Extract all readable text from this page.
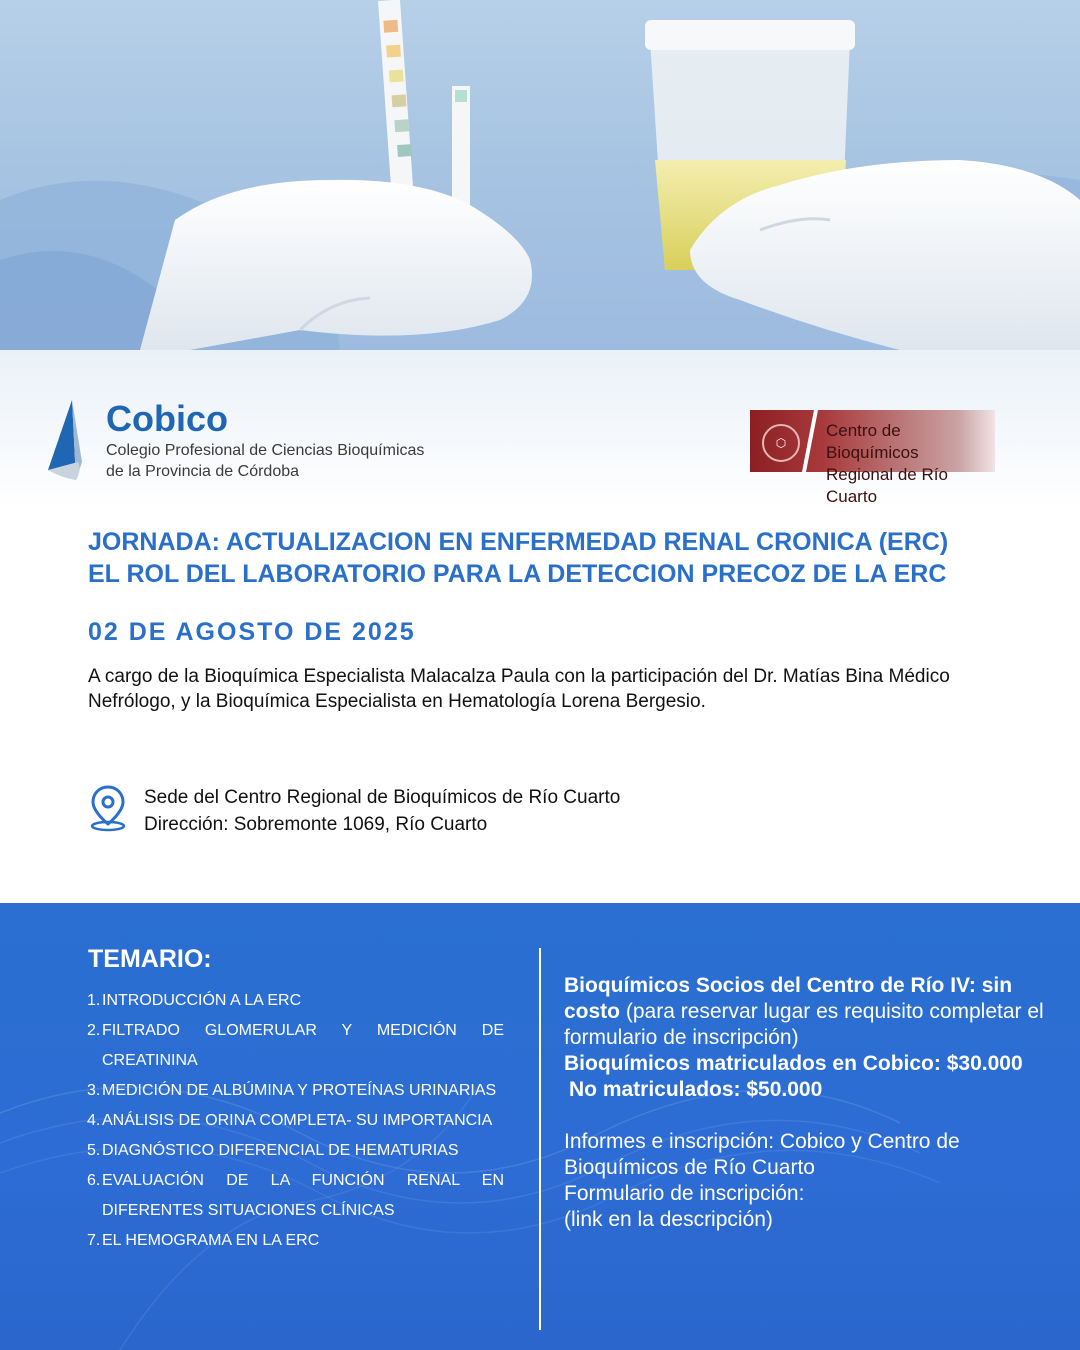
Cobico
Colegio Profesional de Ciencias Bioquímicas
de la Provincia de Córdoba
⬡
Centro de Bioquímicos
Regional de Río Cuarto
JORNADA: ACTUALIZACION EN ENFERMEDAD RENAL CRONICA (ERC)
EL ROL DEL LABORATORIO PARA LA DETECCION PRECOZ DE LA ERC
02 DE AGOSTO DE 2025
A cargo de la Bioquímica Especialista Malacalza Paula con la participación del Dr. Matías Bina Médico Nefrólogo, y la Bioquímica Especialista en Hematología Lorena Bergesio.
Sede del Centro Regional de Bioquímicos de Río Cuarto
Dirección: Sobremonte 1069, Río Cuarto
TEMARIO:
1. INTRODUCCIÓN A LA ERC
2. FILTRADO GLOMERULAR Y MEDICIÓN DE CREATININA
3. MEDICIÓN DE ALBÚMINA Y PROTEÍNAS URINARIAS
4. ANÁLISIS DE ORINA COMPLETA- SU IMPORTANCIA
5. DIAGNÓSTICO DIFERENCIAL DE HEMATURIAS
6. EVALUACIÓN DE LA FUNCIÓN RENAL EN DIFERENTES SITUACIONES CLÍNICAS
7. EL HEMOGRAMA EN LA ERC

Bioquímicos Socios del Centro de Río IV: sin costo (para reservar lugar es requisito completar el formulario de inscripción)

Bioquímicos matriculados en Cobico: $30.000

No matriculados: $50.000

Informes e inscripción: Cobico y Centro de Bioquímicos de Río Cuarto

Formulario de inscripción:

(link en la descripción)
